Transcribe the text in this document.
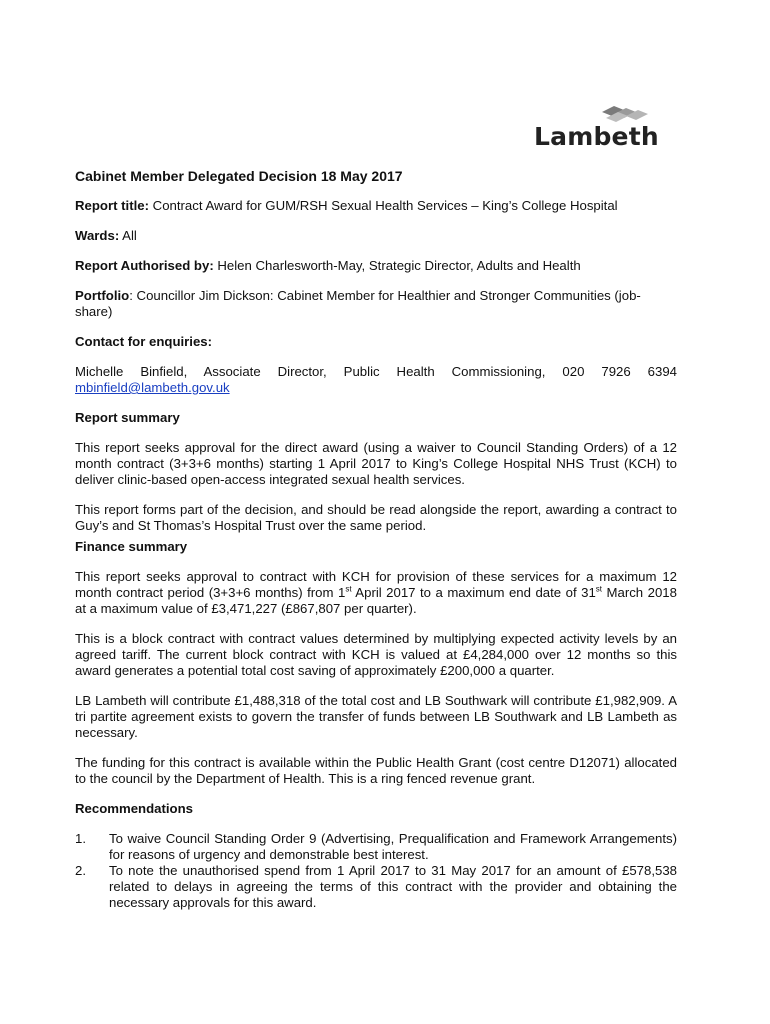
Lambeth

Cabinet Member Delegated Decision 18 May 2017

Report title: Contract Award for GUM/RSH Sexual Health Services – King’s College Hospital

Wards: All

Report Authorised by: Helen Charlesworth-May, Strategic Director, Adults and Health

Portfolio: Councillor Jim Dickson: Cabinet Member for Healthier and Stronger Communities (job-share)

Contact for enquiries:

Michelle Binfield, Associate Director, Public Health Commissioning, 020 7926 6394

mbinfield@lambeth.gov.uk

Report summary

This report seeks approval for the direct award (using a waiver to Council Standing Orders) of a 12 month contract (3+3+6 months) starting 1 April 2017 to King’s College Hospital NHS Trust (KCH) to deliver clinic-based open-access integrated sexual health services.

This report forms part of the decision, and should be read alongside the report, awarding a contract to Guy’s and St Thomas’s Hospital Trust over the same period.

Finance summary

This report seeks approval to contract with KCH for provision of these services for a maximum 12 month contract period (3+3+6 months) from 1st April 2017 to a maximum end date of 31st March 2018 at a maximum value of £3,471,227 (£867,807 per quarter).

This is a block contract with contract values determined by multiplying expected activity levels by an agreed tariff. The current block contract with KCH is valued at £4,284,000 over 12 months so this award generates a potential total cost saving of approximately £200,000 a quarter.

LB Lambeth will contribute £1,488,318 of the total cost and LB Southwark will contribute £1,982,909. A tri partite agreement exists to govern the transfer of funds between LB Southwark and LB Lambeth as necessary.

The funding for this contract is available within the Public Health Grant (cost centre D12071) allocated to the council by the Department of Health. This is a ring fenced revenue grant.

Recommendations

1. To waive Council Standing Order 9 (Advertising, Prequalification and Framework Arrangements) for reasons of urgency and demonstrable best interest.
2. To note the unauthorised spend from 1 April 2017 to 31 May 2017 for an amount of £578,538 related to delays in agreeing the terms of this contract with the provider and obtaining the necessary approvals for this award.
